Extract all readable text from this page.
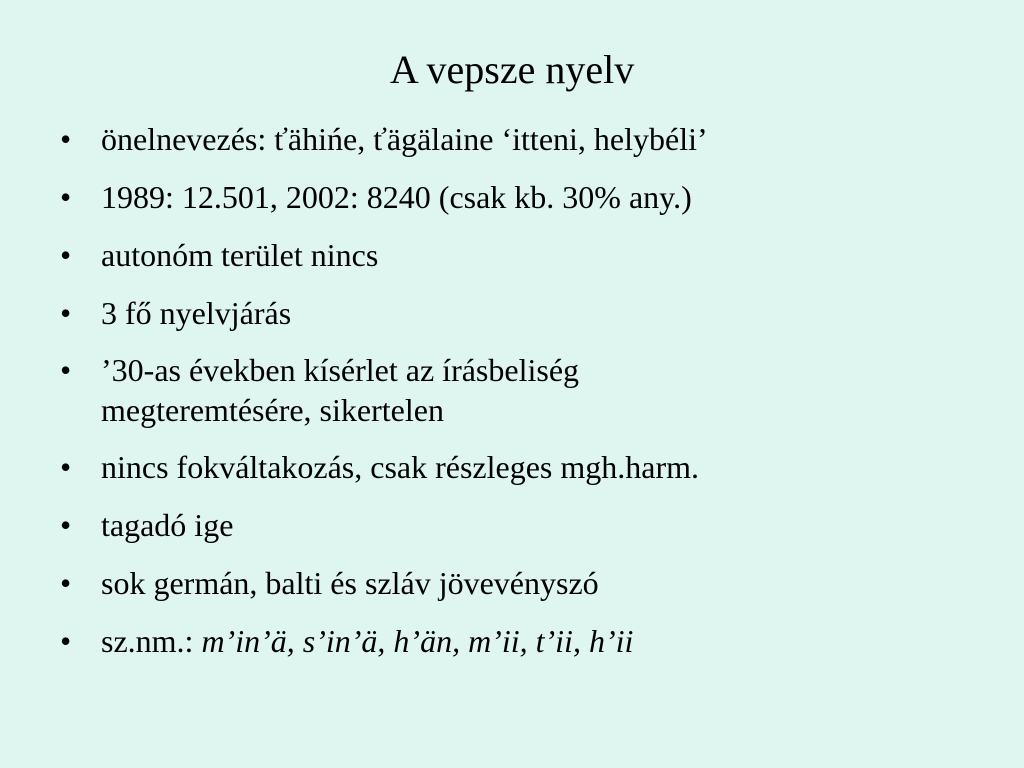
A vepsze nyelv
• önelnevezés: ťähińe, ťägälaine ‘itteni, helybéli’
• 1989: 12.501, 2002: 8240 (csak kb. 30% any.)
• autonóm terület nincs
• 3 fő nyelvjárás
• ’30-as években kísérlet az írásbeliség
megteremtésére, sikertelen
• nincs fokváltakozás, csak részleges mgh.harm.
• tagadó ige
• sok germán, balti és szláv jövevényszó
• sz.nm.: m’in’ä, s’in’ä, h’än, m’ii, t’ii, h’ii
